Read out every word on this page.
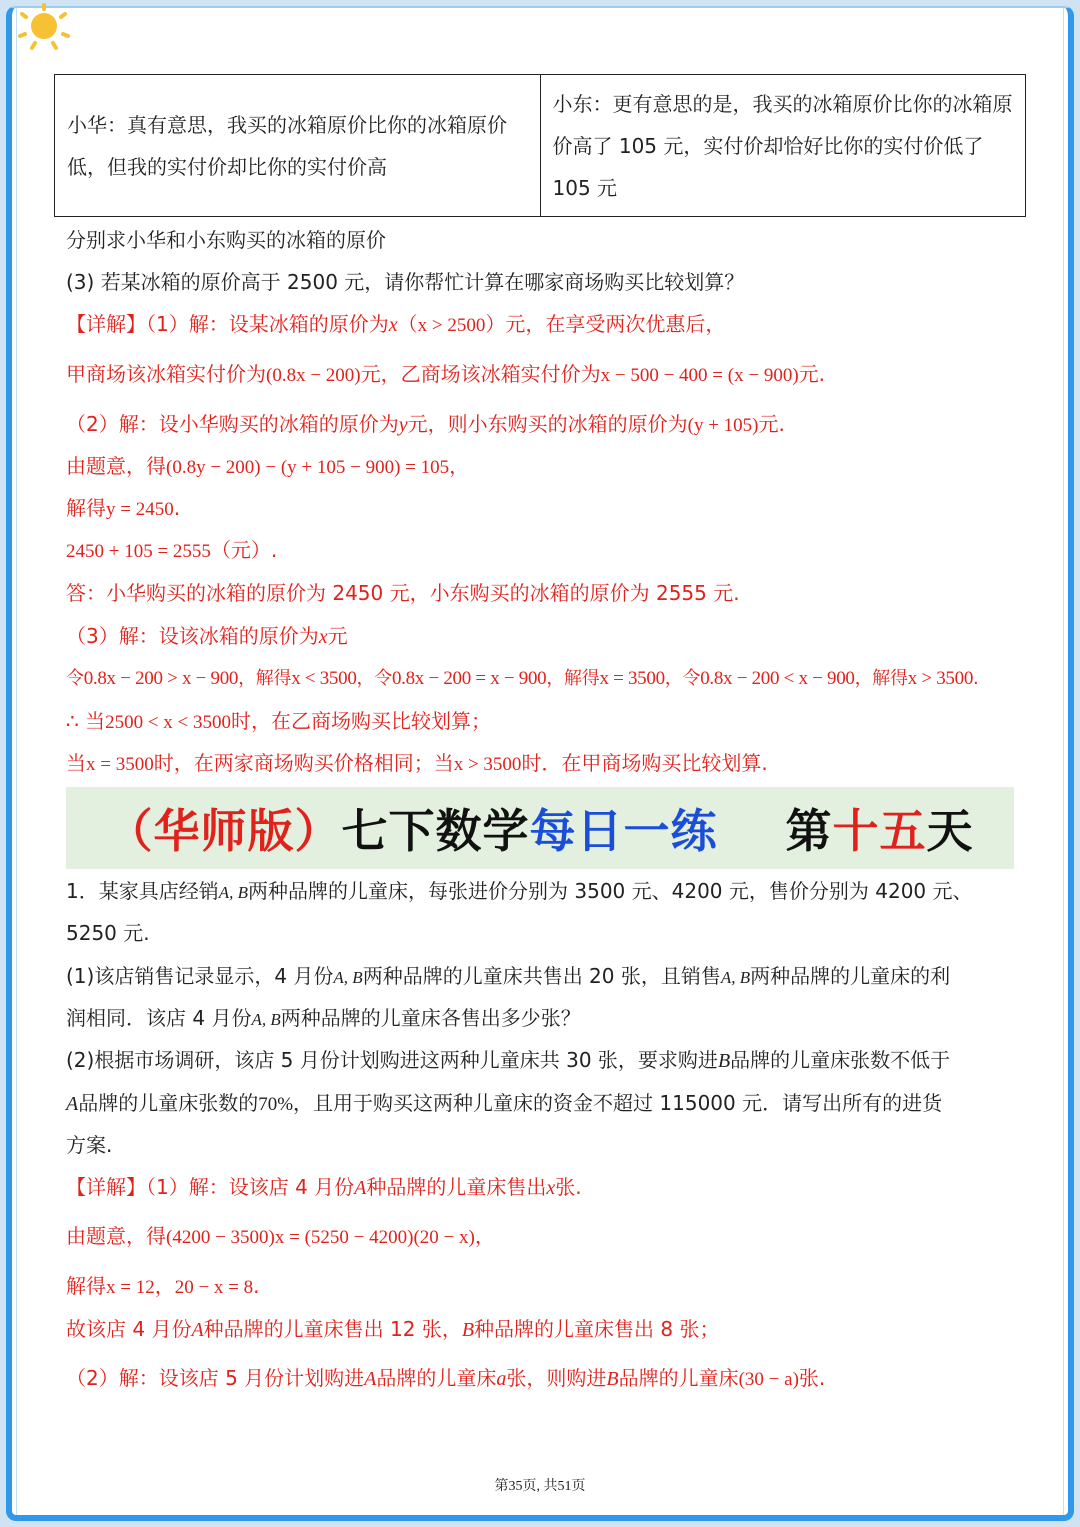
小华：真有意思，我买的冰箱原价比你的冰箱原价低，但我的实付价却比你的实付价高	小东：更有意思的是，我买的冰箱原价比你的冰箱原价高了 105 元，实付价却恰好比你的实付价低了 105 元
分别求小华和小东购买的冰箱的原价
(3) 若某冰箱的原价高于 2500 元，请你帮忙计算在哪家商场购买比较划算？
【详解】（1）解：设某冰箱的原价为x（x > 2500）元，在享受两次优惠后，
甲商场该冰箱实付价为(0.8x − 200)元，乙商场该冰箱实付价为x − 500 − 400 = (x − 900)元.
（2）解：设小华购买的冰箱的原价为y元，则小东购买的冰箱的原价为(y + 105)元.
由题意，得(0.8y − 200) − (y + 105 − 900) = 105，
解得y = 2450.
2450 + 105 = 2555（元）.
答：小华购买的冰箱的原价为 2450 元，小东购买的冰箱的原价为 2555 元.
（3）解：设该冰箱的原价为x元
令0.8x − 200 > x − 900，解得x < 3500，令0.8x − 200 = x − 900，解得x = 3500，令0.8x − 200 < x − 900，解得x > 3500.
∴ 当2500 < x < 3500时，在乙商场购买比较划算；
当x = 3500时，在两家商场购买价格相同；当x > 3500时．在甲商场购买比较划算.
（华师版） 七下数学 每日一练 第 十五 天
1．某家具店经销A, B两种品牌的儿童床，每张进价分别为 3500 元、4200 元，售价分别为 4200 元、
5250 元.
(1)该店销售记录显示，4 月份A, B两种品牌的儿童床共售出 20 张，且销售A, B两种品牌的儿童床的利
润相同．该店 4 月份A, B两种品牌的儿童床各售出多少张？
(2)根据市场调研，该店 5 月份计划购进这两种儿童床共 30 张，要求购进B品牌的儿童床张数不低于
A品牌的儿童床张数的70%，且用于购买这两种儿童床的资金不超过 115000 元．请写出所有的进货
方案.
【详解】（1）解：设该店 4 月份A种品牌的儿童床售出x张.
由题意，得(4200 − 3500)x = (5250 − 4200)(20 − x)，
解得x = 12，20 − x = 8.
故该店 4 月份A种品牌的儿童床售出 12 张，B种品牌的儿童床售出 8 张；
（2）解：设该店 5 月份计划购进A品牌的儿童床a张，则购进B品牌的儿童床(30 − a)张.
第35页, 共51页
